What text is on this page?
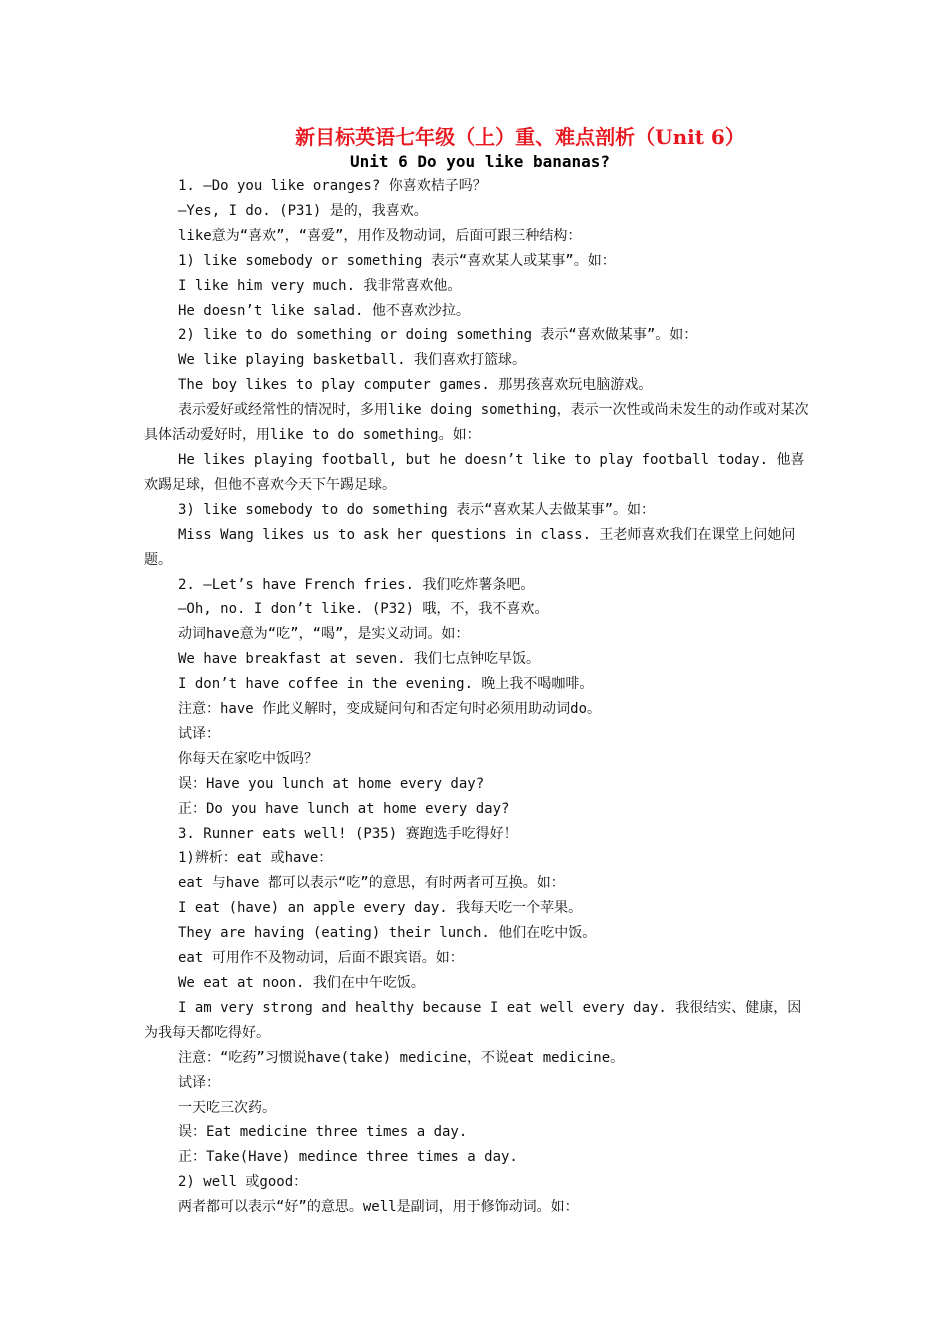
新目标英语七年级（上）重、难点剖析（Unit 6）
Unit 6 Do you like bananas?
1. —Do you like oranges? 你喜欢桔子吗？
—Yes, I do. (P31) 是的，我喜欢。
like意为“喜欢”，“喜爱”，用作及物动词，后面可跟三种结构：
1) like somebody or something 表示“喜欢某人或某事”。如：
I like him very much. 我非常喜欢他。
He doesn’t like salad. 他不喜欢沙拉。
2) like to do something or doing something 表示“喜欢做某事”。如：
We like playing basketball. 我们喜欢打篮球。
The boy likes to play computer games. 那男孩喜欢玩电脑游戏。
表示爱好或经常性的情况时，多用like doing something，表示一次性或尚未发生的动作或对某次具体活动爱好时，用like to do something。如：
He likes playing football, but he doesn’t like to play football today. 他喜欢踢足球，但他不喜欢今天下午踢足球。
3) like somebody to do something 表示“喜欢某人去做某事”。如：
Miss Wang likes us to ask her questions in class. 王老师喜欢我们在课堂上问她问题。
2. —Let’s have French fries. 我们吃炸薯条吧。
—Oh, no. I don’t like. (P32) 哦，不，我不喜欢。
动词have意为“吃”，“喝”，是实义动词。如：
We have breakfast at seven. 我们七点钟吃早饭。
I don’t have coffee in the evening. 晚上我不喝咖啡。
注意：have 作此义解时，变成疑问句和否定句时必须用助动词do。
试译：
你每天在家吃中饭吗？
误：Have you lunch at home every day?
正：Do you have lunch at home every day?
3. Runner eats well! (P35) 赛跑选手吃得好！
1)辨析：eat 或have：
eat 与have 都可以表示“吃”的意思，有时两者可互换。如：
I eat (have) an apple every day. 我每天吃一个苹果。
They are having (eating) their lunch. 他们在吃中饭。
eat 可用作不及物动词，后面不跟宾语。如：
We eat at noon. 我们在中午吃饭。
I am very strong and healthy because I eat well every day. 我很结实、健康，因为我每天都吃得好。
注意：“吃药”习惯说have(take) medicine，不说eat medicine。
试译：
一天吃三次药。
误：Eat medicine three times a day.
正：Take(Have) medince three times a day.
2) well 或good：
两者都可以表示“好”的意思。well是副词，用于修饰动词。如：
